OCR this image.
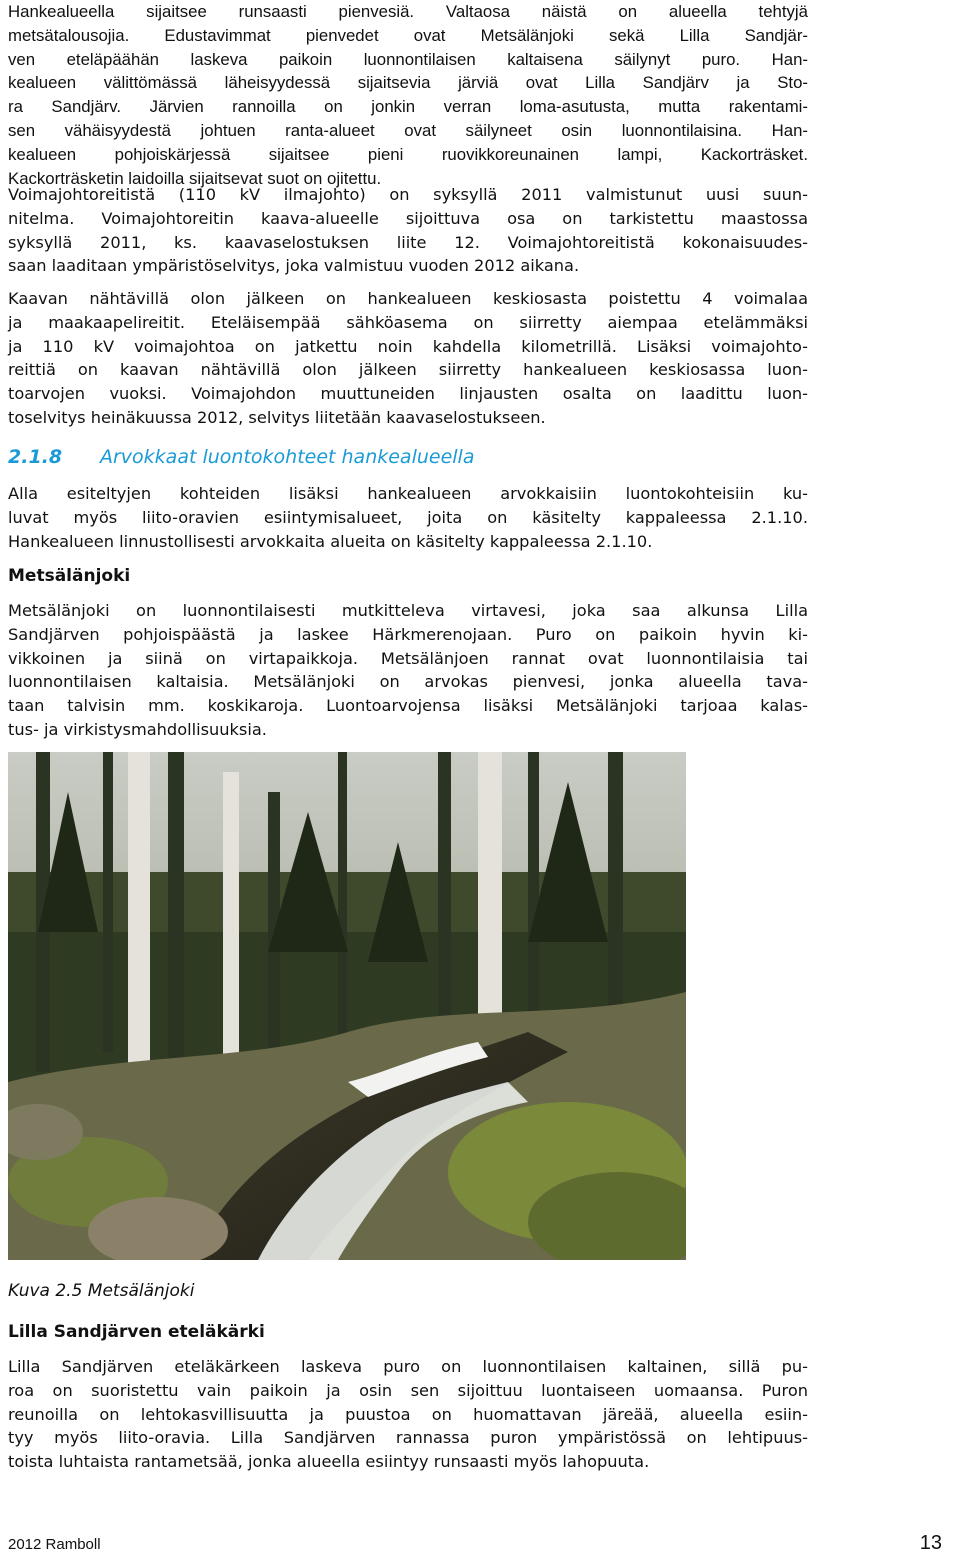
Hankealueella sijaitsee runsaasti pienvesiä. Valtaosa näistä on alueella tehtyjä
metsätalousojia. Edustavimmat pienvedet ovat Metsälänjoki sekä Lilla Sandjär-
ven eteläpäähän laskeva paikoin luonnontilaisen kaltaisena säilynyt puro. Han-
kealueen välittömässä läheisyydessä sijaitsevia järviä ovat Lilla Sandjärv ja Sto-
ra Sandjärv. Järvien rannoilla on jonkin verran loma-asutusta, mutta rakentami-
sen vähäisyydestä johtuen ranta-alueet ovat säilyneet osin luonnontilaisina. Han-
kealueen pohjoiskärjessä sijaitsee pieni ruovikkoreunainen lampi, Kackorträsket.
Kackorträsketin laidoilla sijaitsevat suot on ojitettu.
Voimajohtoreitistä (110 kV ilmajohto) on syksyllä 2011 valmistunut uusi suun-
nitelma. Voimajohtoreitin kaava-alueelle sijoittuva osa on tarkistettu maastossa
syksyllä 2011, ks. kaavaselostuksen liite 12. Voimajohtoreitistä kokonaisuudes-
saan laaditaan ympäristöselvitys, joka valmistuu vuoden 2012 aikana.
Kaavan nähtävillä olon jälkeen on hankealueen keskiosasta poistettu 4 voimalaa
ja maakaapelireitit. Eteläisempää sähköasema on siirretty aiempaa etelämmäksi
ja 110 kV voimajohtoa on jatkettu noin kahdella kilometrillä. Lisäksi voimajohto-
reittiä on kaavan nähtävillä olon jälkeen siirretty hankealueen keskiosassa luon-
toarvojen vuoksi. Voimajohdon muuttuneiden linjausten osalta on laadittu luon-
toselvitys heinäkuussa 2012, selvitys liitetään kaavaselostukseen.
2.1.8 Arvokkaat luontokohteet hankealueella
Alla esiteltyjen kohteiden lisäksi hankealueen arvokkaisiin luontokohteisiin ku-
luvat myös liito-oravien esiintymisalueet, joita on käsitelty kappaleessa 2.1.10.
Hankealueen linnustollisesti arvokkaita alueita on käsitelty kappaleessa 2.1.10.
Metsälänjoki
Metsälänjoki on luonnontilaisesti mutkitteleva virtavesi, joka saa alkunsa Lilla
Sandjärven pohjoispäästä ja laskee Härkmerenojaan. Puro on paikoin hyvin ki-
vikkoinen ja siinä on virtapaikkoja. Metsälänjoen rannat ovat luonnontilaisia tai
luonnontilaisen kaltaisia. Metsälänjoki on arvokas pienvesi, jonka alueella tava-
taan talvisin mm. koskikaroja. Luontoarvojensa lisäksi Metsälänjoki tarjoaa kalas-
tus- ja virkistysmahdollisuuksia.
Kuva 2.5 Metsälänjoki
Lilla Sandjärven eteläkärki
Lilla Sandjärven eteläkärkeen laskeva puro on luonnontilaisen kaltainen, sillä pu-
roa on suoristettu vain paikoin ja osin sen sijoittuu luontaiseen uomaansa. Puron
reunoilla on lehtokasvillisuutta ja puustoa on huomattavan järeää, alueella esiin-
tyy myös liito-oravia. Lilla Sandjärven rannassa puron ympäristössä on lehtipuus-
toista luhtaista rantametsää, jonka alueella esiintyy runsaasti myös lahopuuta.
2012 Ramboll	13
